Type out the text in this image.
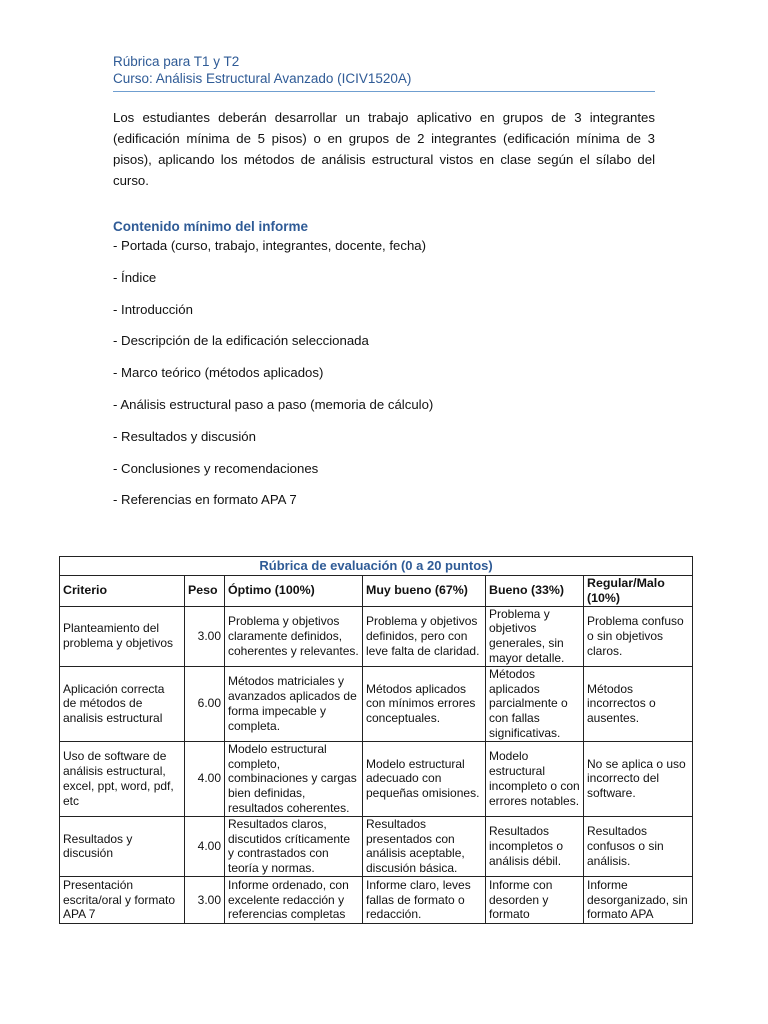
Rúbrica para T1 y T2
Curso: Análisis Estructural Avanzado (ICIV1520A)

Los estudiantes deberán desarrollar un trabajo aplicativo en grupos de 3 integrantes (edificación mínima de 5 pisos) o en grupos de 2 integrantes (edificación mínima de 3 pisos), aplicando los métodos de análisis estructural vistos en clase según el sílabo del curso.

Contenido mínimo del informe
- Portada (curso, trabajo, integrantes, docente, fecha)
- Índice
- Introducción
- Descripción de la edificación seleccionada
- Marco teórico (métodos aplicados)
- Análisis estructural paso a paso (memoria de cálculo)
- Resultados y discusión
- Conclusiones y recomendaciones
- Referencias en formato APA 7
Rúbrica de evaluación (0 a 20 puntos)					
Criterio	Peso	Óptimo (100%)	Muy bueno (67%)	Bueno (33%)	Regular/Malo (10%)
Planteamiento del problema y objetivos	3.00	Problema y objetivos claramente definidos, coherentes y relevantes.	Problema y objetivos definidos, pero con leve falta de claridad.	Problema y objetivos generales, sin mayor detalle.	Problema confuso o sin objetivos claros.
Aplicación correcta de métodos de analisis estructural	6.00	Métodos matriciales y avanzados aplicados de forma impecable y completa.	Métodos aplicados con mínimos errores conceptuales.	Métodos aplicados parcialmente o con fallas significativas.	Métodos incorrectos o ausentes.
Uso de software de análisis estructural, excel, ppt, word, pdf, etc	4.00	Modelo estructural completo, combinaciones y cargas bien definidas, resultados coherentes.	Modelo estructural adecuado con pequeñas omisiones.	Modelo estructural incompleto o con errores notables.	No se aplica o uso incorrecto del software.
Resultados y discusión	4.00	Resultados claros, discutidos críticamente y contrastados con teoría y normas.	Resultados presentados con análisis aceptable, discusión básica.	Resultados incompletos o análisis débil.	Resultados confusos o sin análisis.
Presentación escrita/oral y formato APA 7	3.00	Informe ordenado, con excelente redacción y referencias completas	Informe claro, leves fallas de formato o redacción.	Informe con desorden y formato	Informe desorganizado, sin formato APA
